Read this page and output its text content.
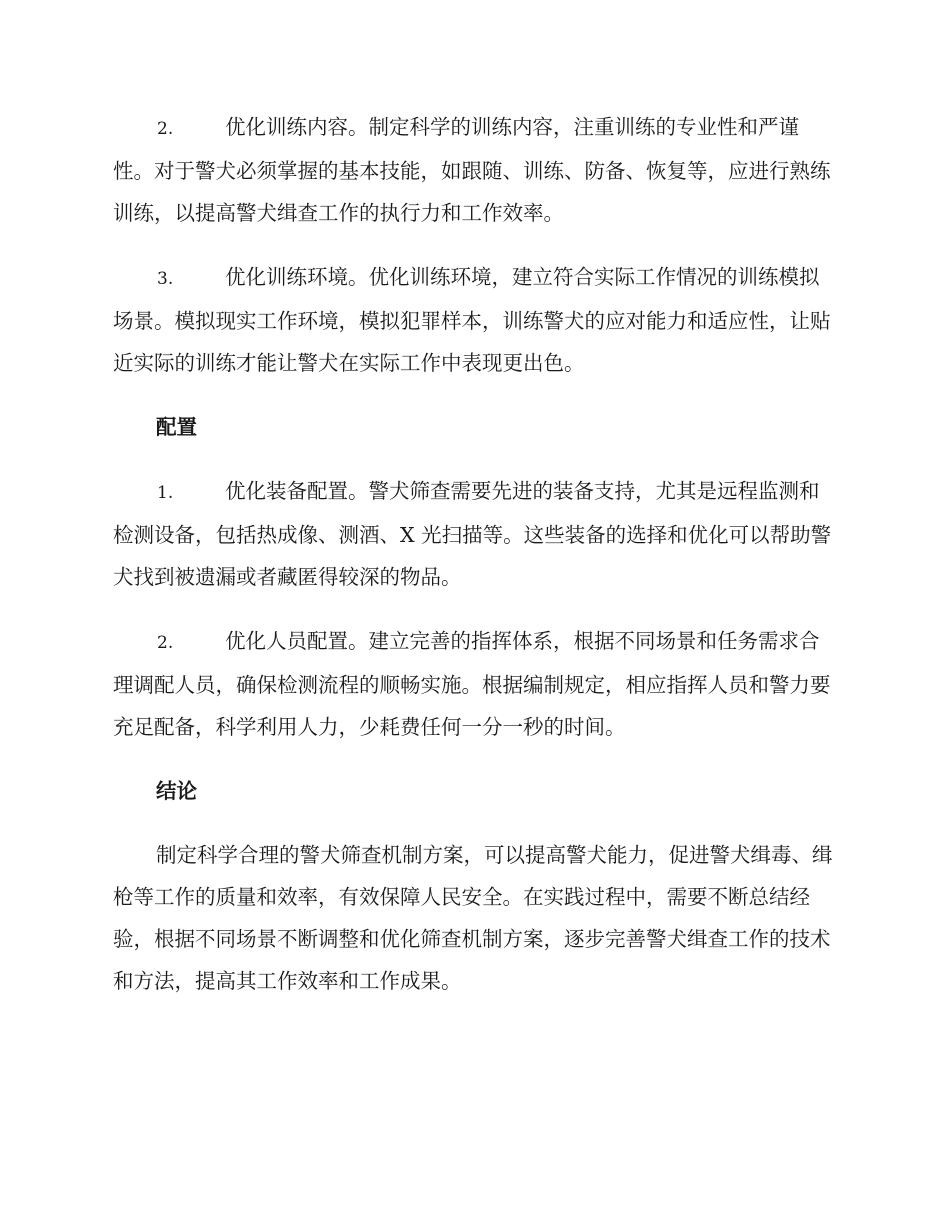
2.	优化训练内容。制定科学的训练内容，注重训练的专业性和严谨性。对于警犬必须掌握的基本技能，如跟随、训练、防备、恢复等，应进行熟练训练，以提高警犬缉查工作的执行力和工作效率。

3.	优化训练环境。优化训练环境，建立符合实际工作情况的训练模拟场景。模拟现实工作环境，模拟犯罪样本，训练警犬的应对能力和适应性，让贴近实际的训练才能让警犬在实际工作中表现更出色。

配置

1.	优化装备配置。警犬筛查需要先进的装备支持，尤其是远程监测和检测设备，包括热成像、测酒、X 光扫描等。这些装备的选择和优化可以帮助警犬找到被遗漏或者藏匿得较深的物品。

2.	优化人员配置。建立完善的指挥体系，根据不同场景和任务需求合理调配人员，确保检测流程的顺畅实施。根据编制规定，相应指挥人员和警力要充足配备，科学利用人力，少耗费任何一分一秒的时间。

结论

制定科学合理的警犬筛查机制方案，可以提高警犬能力，促进警犬缉毒、缉枪等工作的质量和效率，有效保障人民安全。在实践过程中，需要不断总结经验，根据不同场景不断调整和优化筛查机制方案，逐步完善警犬缉查工作的技术和方法，提高其工作效率和工作成果。
